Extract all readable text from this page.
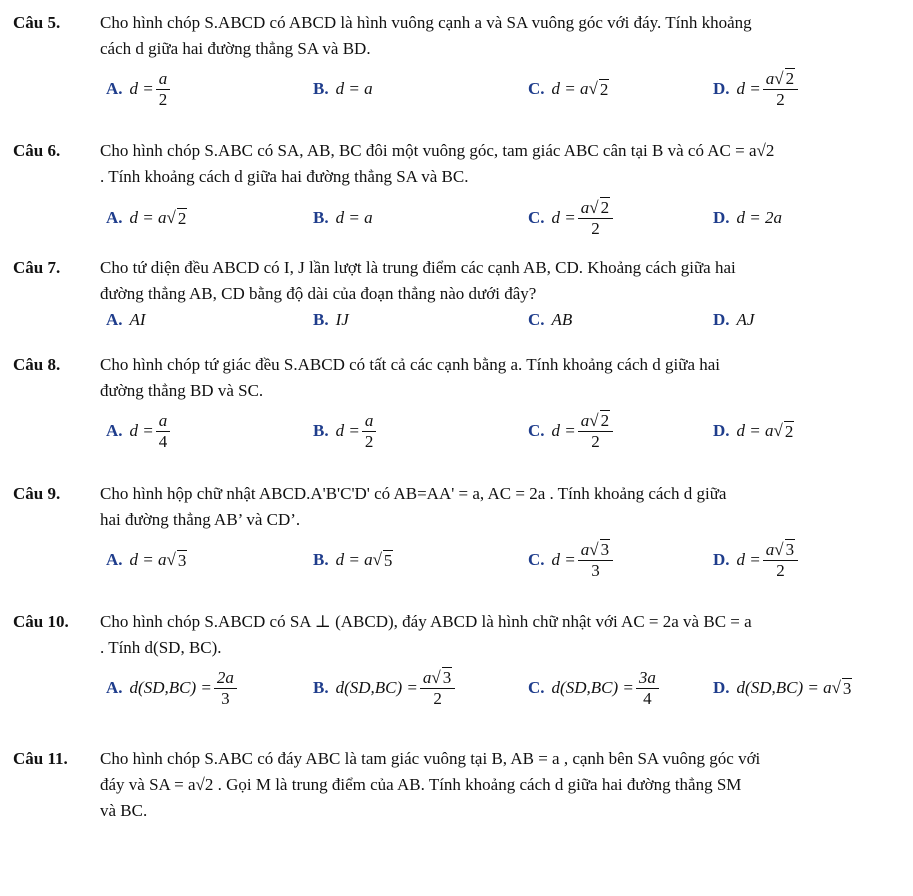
Câu 5. Cho hình chóp S.ABCD có ABCD là hình vuông cạnh a và SA vuông góc với đáy. Tính khoảng
cách d giữa hai đường thẳng SA và BD.
A. $d = \frac{a}{2}$	B. d = a	C. d = a√ 2	D. $d = \frac{a√ 2}{2}$
Câu 6. Cho hình chóp S.ABC có SA, AB, BC đôi một vuông góc, tam giác ABC cân tại B và có AC = a√2
. Tính khoảng cách d giữa hai đường thẳng SA và BC.
A. d = a√ 2	B. d = a	C. $d = \frac{a√ 2}{2}$	D. d = 2a
Câu 7. Cho tứ diện đều ABCD có I, J lần lượt là trung điểm các cạnh AB, CD. Khoảng cách giữa hai
đường thẳng AB, CD bằng độ dài của đoạn thẳng nào dưới đây?
A. AI	B. IJ	C. AB	D. AJ
Câu 8. Cho hình chóp tứ giác đều S.ABCD có tất cả các cạnh bằng a. Tính khoảng cách d giữa hai
đường thẳng BD và SC.
A. $d = \frac{a}{4}$	B. $d = \frac{a}{2}$	C. $d = \frac{a√ 2}{2}$	D. d = a√ 2
Câu 9. Cho hình hộp chữ nhật ABCD.A'B'C'D' có AB=AA' = a, AC = 2a . Tính khoảng cách d giữa
hai đường thẳng AB’ và CD’.
A. d = a√ 3	B. d = a√ 5	C. $d = \frac{a√ 3}{3}$	D. $d = \frac{a√ 3}{2}$
Câu 10. Cho hình chóp S.ABCD có SA ⊥ (ABCD), đáy ABCD là hình chữ nhật với AC = 2a và BC = a
. Tính d(SD, BC).
A. $d(SD,BC) = \frac{2a}{3}$	B. $d(SD,BC) = \frac{a√ 3}{2}$	C. $d(SD,BC) = \frac{3a}{4}$	D. d(SD,BC) = a√ 3
Câu 11. Cho hình chóp S.ABC có đáy ABC là tam giác vuông tại B, AB = a , cạnh bên SA vuông góc với
đáy và SA = a√2 . Gọi M là trung điểm của AB. Tính khoảng cách d giữa hai đường thẳng SM
và BC.
